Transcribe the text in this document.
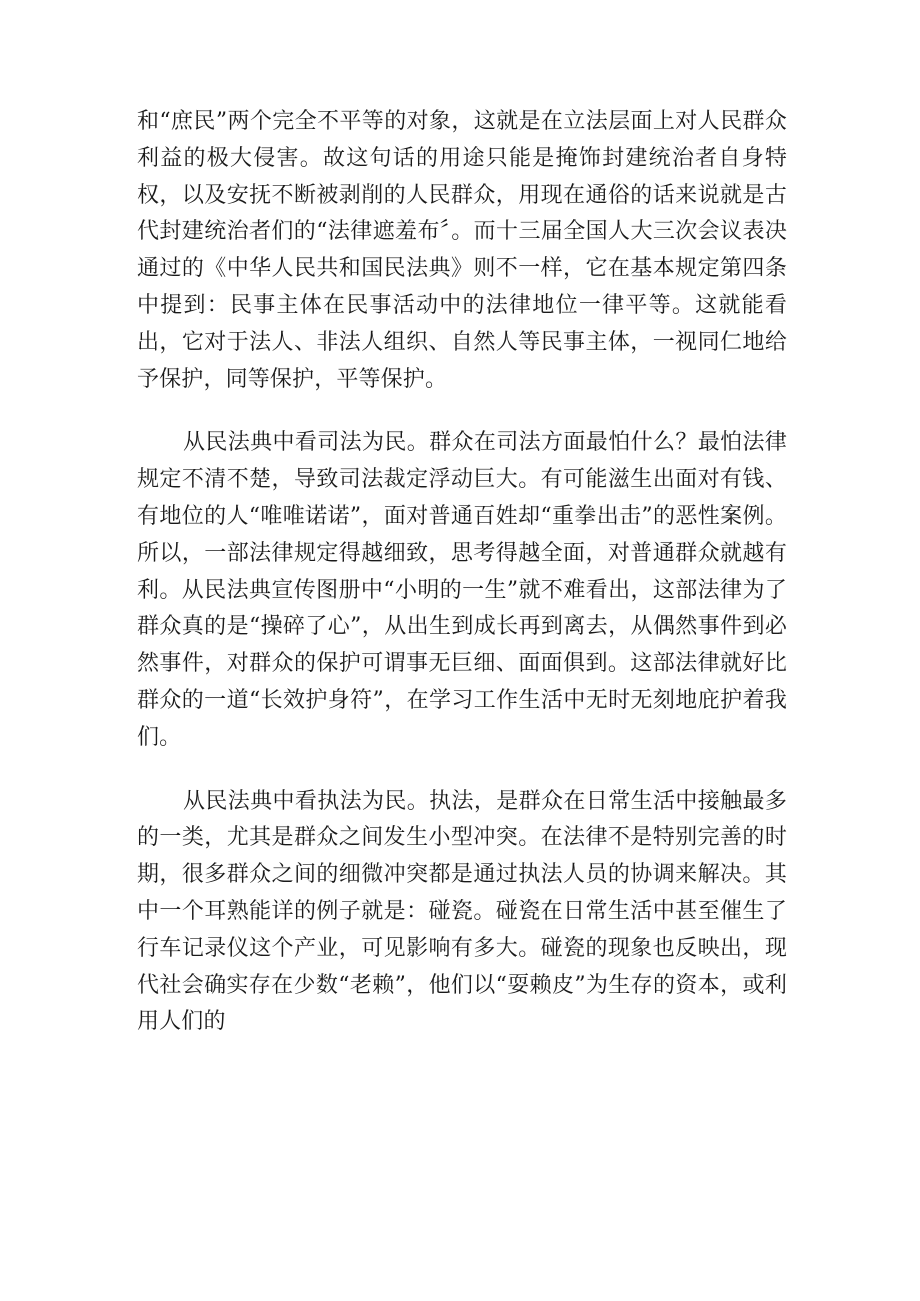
和“庶民”两个完全不平等的对象，这就是在立法层面上对人民群众利益的极大侵害。故这句话的用途只能是掩饰封建统治者自身特权，以及安抚不断被剥削的人民群众，用现在通俗的话来说就是古代封建统治者们的“法律遮羞布〞。而十三届全国人大三次会议表决通过的《中华人民共和国民法典》则不一样，它在基本规定第四条中提到：民事主体在民事活动中的法律地位一律平等。这就能看出，它对于法人、非法人组织、自然人等民事主体，一视同仁地给予保护，同等保护，平等保护。

从民法典中看司法为民。群众在司法方面最怕什么？最怕法律规定不清不楚，导致司法裁定浮动巨大。有可能滋生出面对有钱、有地位的人“唯唯诺诺”，面对普通百姓却“重拳出击”的恶性案例。所以，一部法律规定得越细致，思考得越全面，对普通群众就越有利。从民法典宣传图册中“小明的一生”就不难看出，这部法律为了群众真的是“操碎了心”，从出生到成长再到离去，从偶然事件到必然事件，对群众的保护可谓事无巨细、面面俱到。这部法律就好比群众的一道“长效护身符”，在学习工作生活中无时无刻地庇护着我们。

从民法典中看执法为民。执法，是群众在日常生活中接触最多的一类，尤其是群众之间发生小型冲突。在法律不是特别完善的时期，很多群众之间的细微冲突都是通过执法人员的协调来解决。其中一个耳熟能详的例子就是：碰瓷。碰瓷在日常生活中甚至催生了行车记录仪这个产业，可见影响有多大。碰瓷的现象也反映出，现代社会确实存在少数“老赖”，他们以“耍赖皮”为生存的资本，或利用人们的
